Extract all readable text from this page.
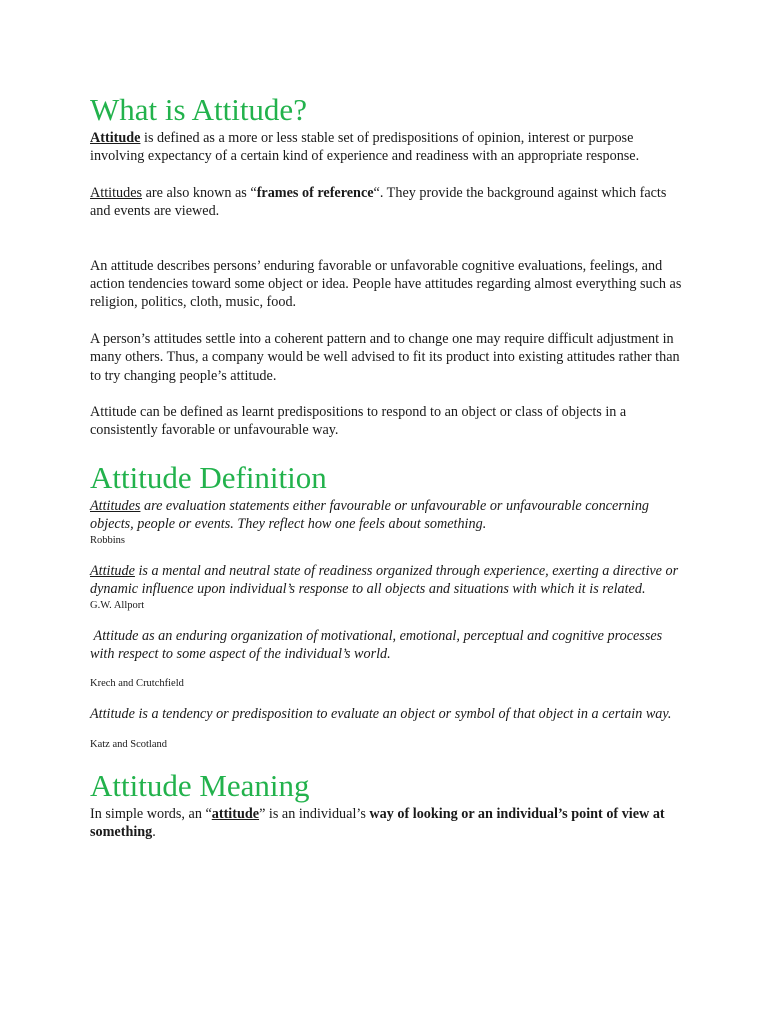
What is Attitude?

Attitude is defined as a more or less stable set of predispositions of opinion, interest or purpose involving expectancy of a certain kind of experience and readiness with an appropriate response.

Attitudes are also known as “frames of reference“. They provide the background against which facts and events are viewed.

An attitude describes persons’ enduring favorable or unfavorable cognitive evaluations, feelings, and action tendencies toward some object or idea. People have attitudes regarding almost everything such as religion, politics, cloth, music, food.

A person’s attitudes settle into a coherent pattern and to change one may require difficult adjustment in many others. Thus, a company would be well advised to fit its product into existing attitudes rather than to try changing people’s attitude.

Attitude can be defined as learnt predispositions to respond to an object or class of objects in a consistently favorable or unfavourable way.

Attitude Definition

Attitudes are evaluation statements either favourable or unfavourable or unfavourable concerning objects, people or events. They reflect how one feels about something.

Robbins

Attitude is a mental and neutral state of readiness organized through experience, exerting a directive or dynamic influence upon individual’s response to all objects and situations with which it is related.

G.W. Allport

Attitude as an enduring organization of motivational, emotional, perceptual and cognitive processes with respect to some aspect of the individual’s world.

Krech and Crutchfield

Attitude is a tendency or predisposition to evaluate an object or symbol of that object in a certain way.

Katz and Scotland

Attitude Meaning

In simple words, an “attitude” is an individual’s way of looking or an individual’s point of view at something.
